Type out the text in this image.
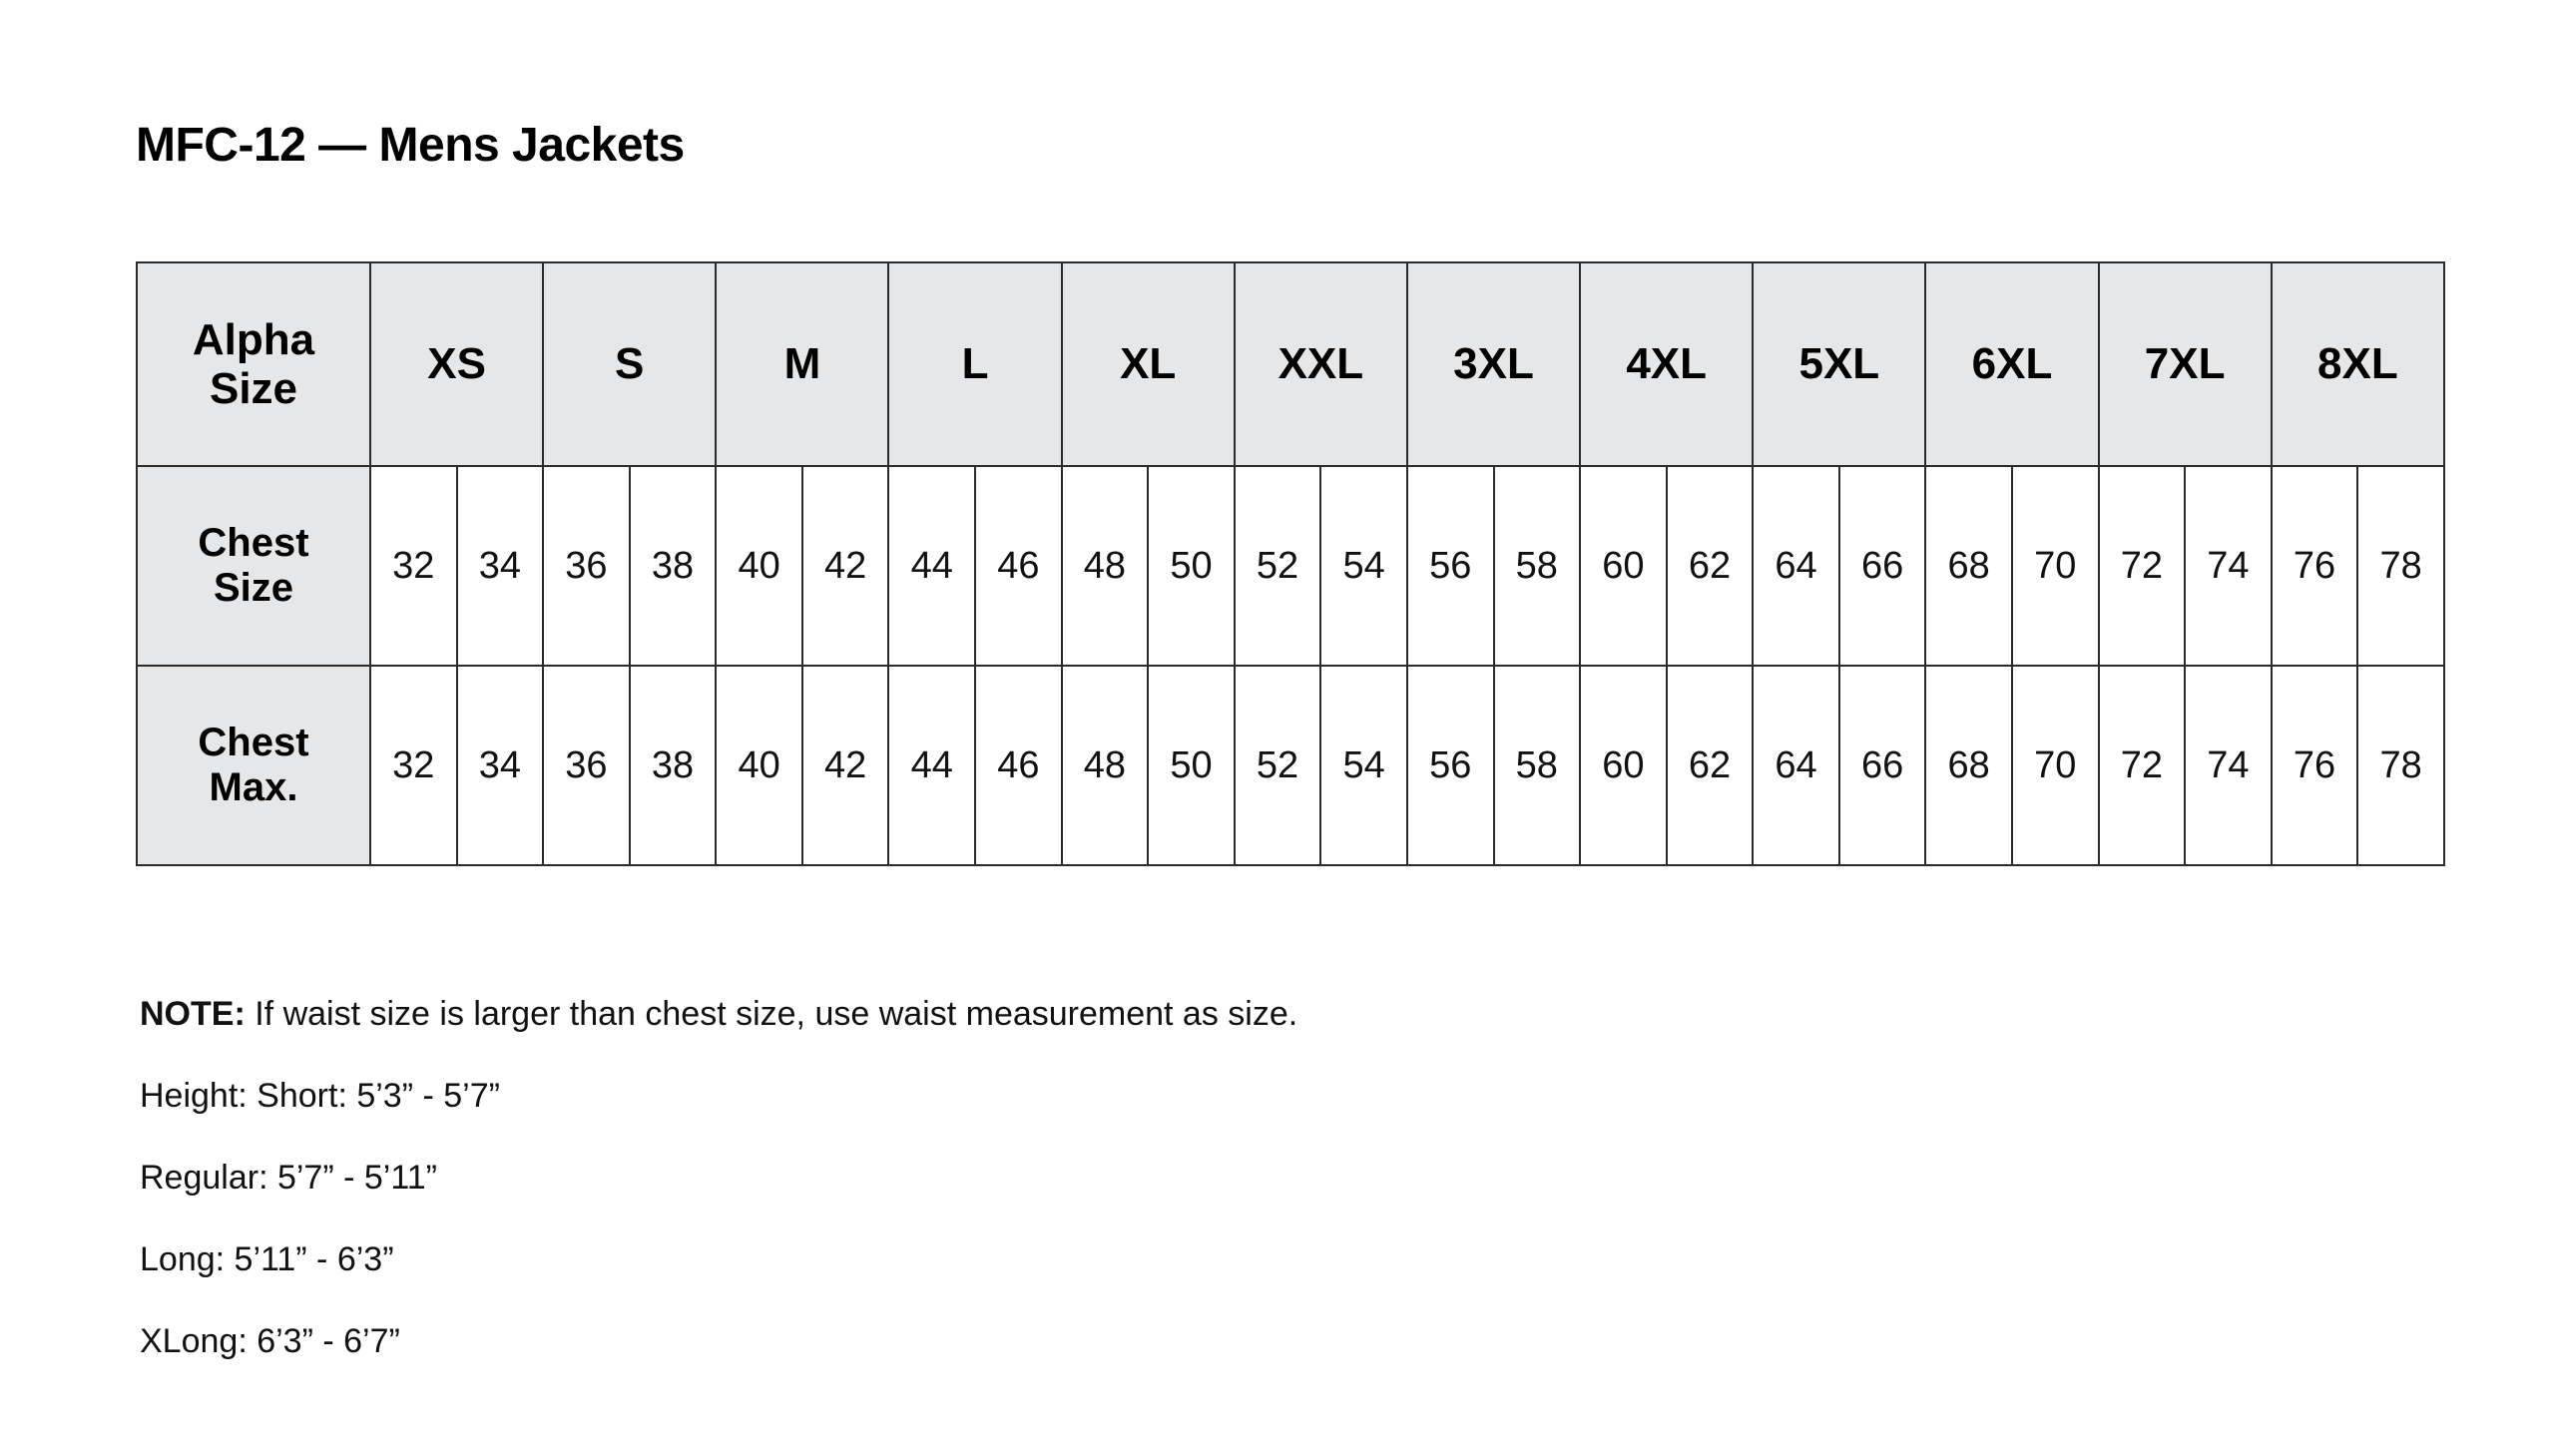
MFC-12 — Mens Jackets
Alpha
Size	XS		S		M		L		XL		XXL		3XL		4XL		5XL		6XL		7XL		8XL	

Chest
Size	32	34	36	38	40	42	44	46	48	50	52	54	56	58	60	62	64	66	68	70	72	74	76	78

Chest
Max.	32	34	36	38	40	42	44	46	48	50	52	54	56	58	60	62	64	66	68	70	72	74	76	78
NOTE: If waist size is larger than chest size, use waist measurement as size.
Height: Short: 5’3” - 5’7”
Regular: 5’7” - 5’11”
Long: 5’11” - 6’3”
XLong: 6’3” - 6’7”
